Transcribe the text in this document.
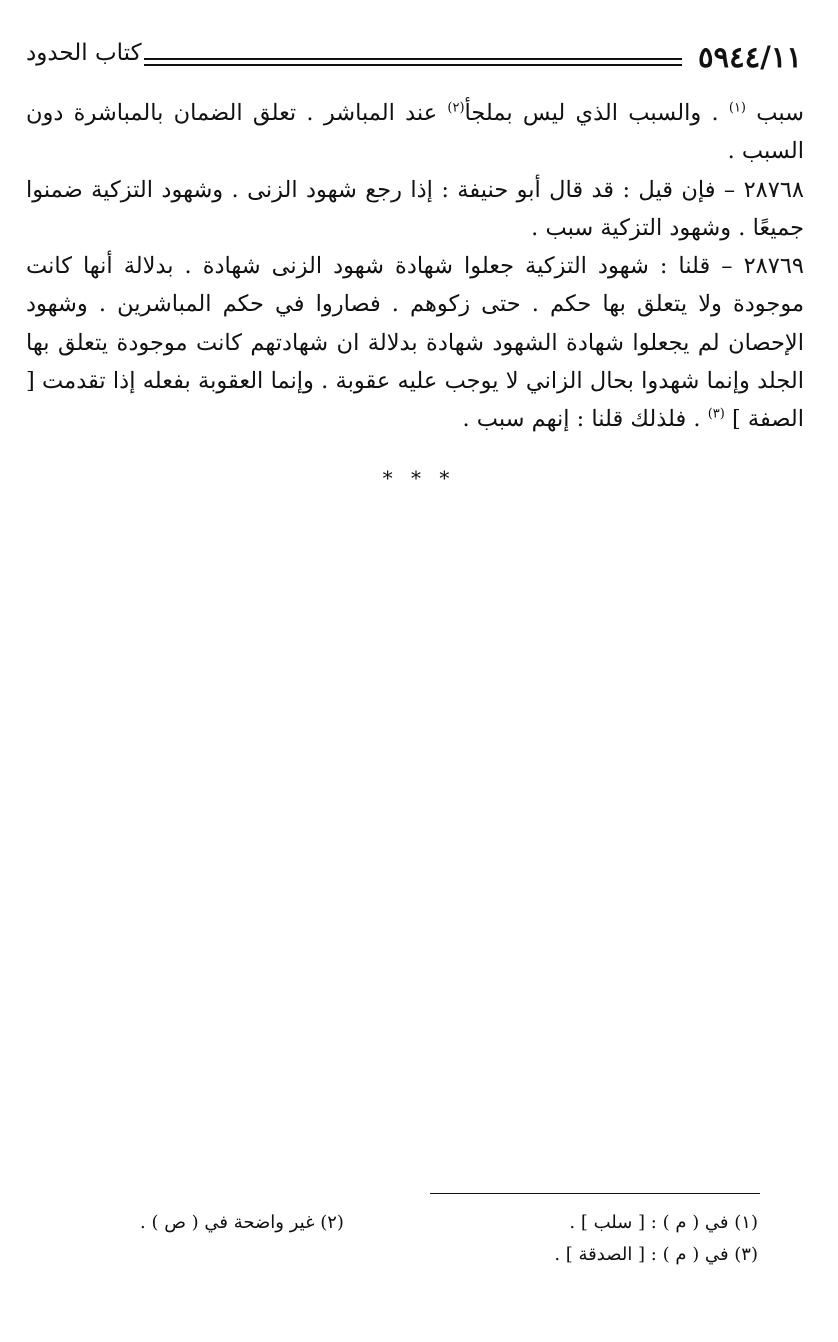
٥٩٤٤/١١
كتاب الحدود

سبب $^{(١)}$ . والسبب الذي ليس بملجأ$^{(٢)}$ عند المباشر . تعلق الضمان بالمباشرة دون السبب .

٢٨٧٦٨ – فإن قيل : قد قال أبو حنيفة : إذا رجع شهود الزنى . وشهود التزكية ضمنوا جميعًا . وشهود التزكية سبب .

٢٨٧٦٩ – قلنا : شهود التزكية جعلوا شهادة شهود الزنى شهادة . بدلالة أنها كانت موجودة ولا يتعلق بها حكم . حتى زكوهم . فصاروا في حكم المباشرين . وشهود الإحصان لم يجعلوا شهادة الشهود شهادة بدلالة ان شهادتهم كانت موجودة يتعلق بها الجلد وإنما شهدوا بحال الزاني لا يوجب عليه عقوبة . وإنما العقوبة بفعله إذا تقدمت [ الصفة ] $^{(٣)}$ . فلذلك قلنا : إنهم سبب .

* * *
(١) في ( م ) : [ سلب ] .
(٢) غير واضحة في ( ص ) .
(٣) في ( م ) : [ الصدقة ] .
